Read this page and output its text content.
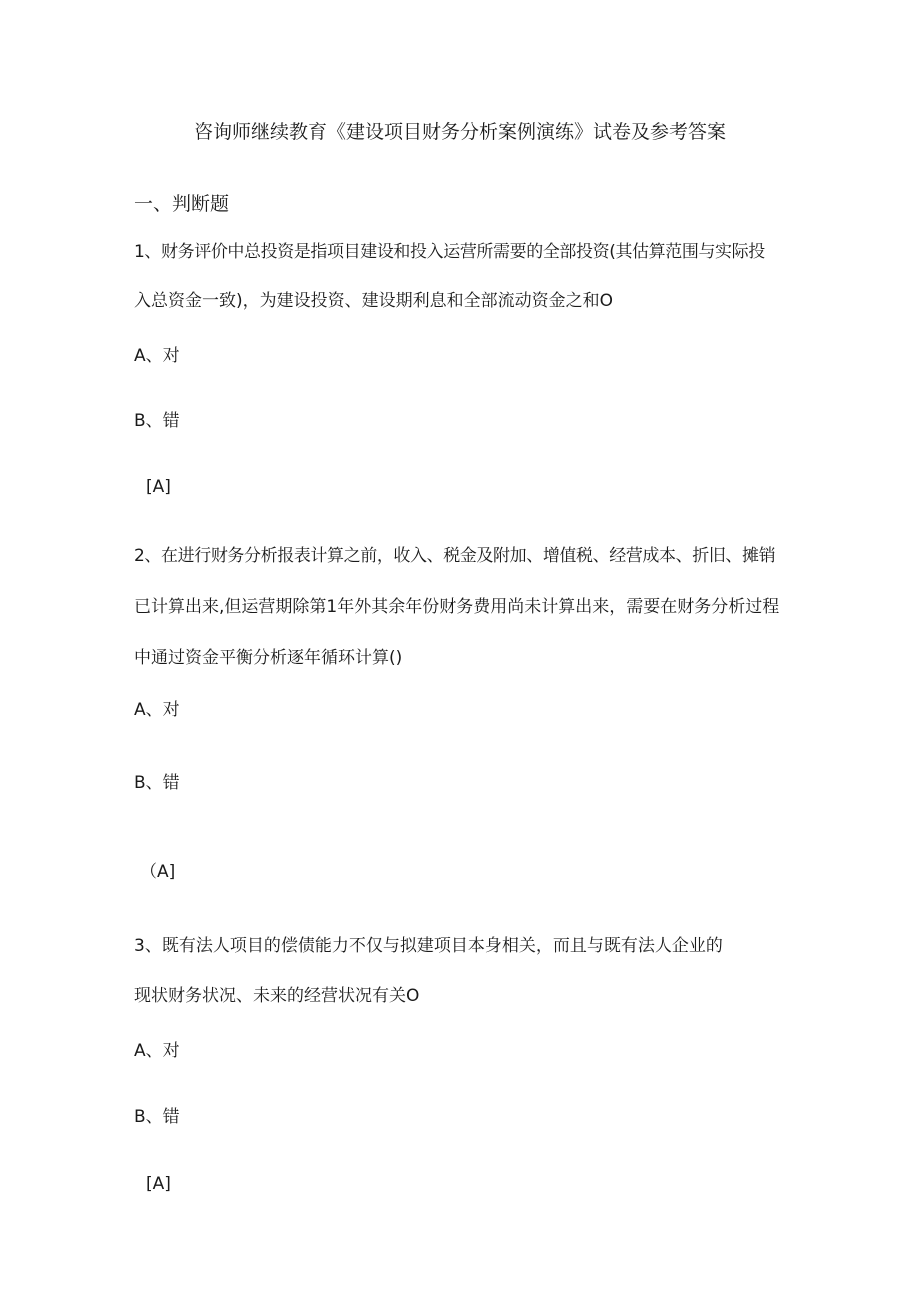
咨询师继续教育《建设项目财务分析案例演练》试卷及参考答案
一、判断题
1、财务评价中总投资是指项目建设和投入运营所需要的全部投资(其估算范围与实际投
入总资金一致)，为建设投资、建设期利息和全部流动资金之和O
A、对
B、错
[A]
2、在进行财务分析报表计算之前，收入、税金及附加、增值税、经营成本、折旧、摊销
已计算出来,但运营期除第1年外其余年份财务费用尚未计算出来，需要在财务分析过程
中通过资金平衡分析逐年循环计算()
A、对
B、错
（A]
3、既有法人项目的偿债能力不仅与拟建项目本身相关，而且与既有法人企业的
现状财务状况、未来的经营状况有关O
A、对
B、错
[A]
